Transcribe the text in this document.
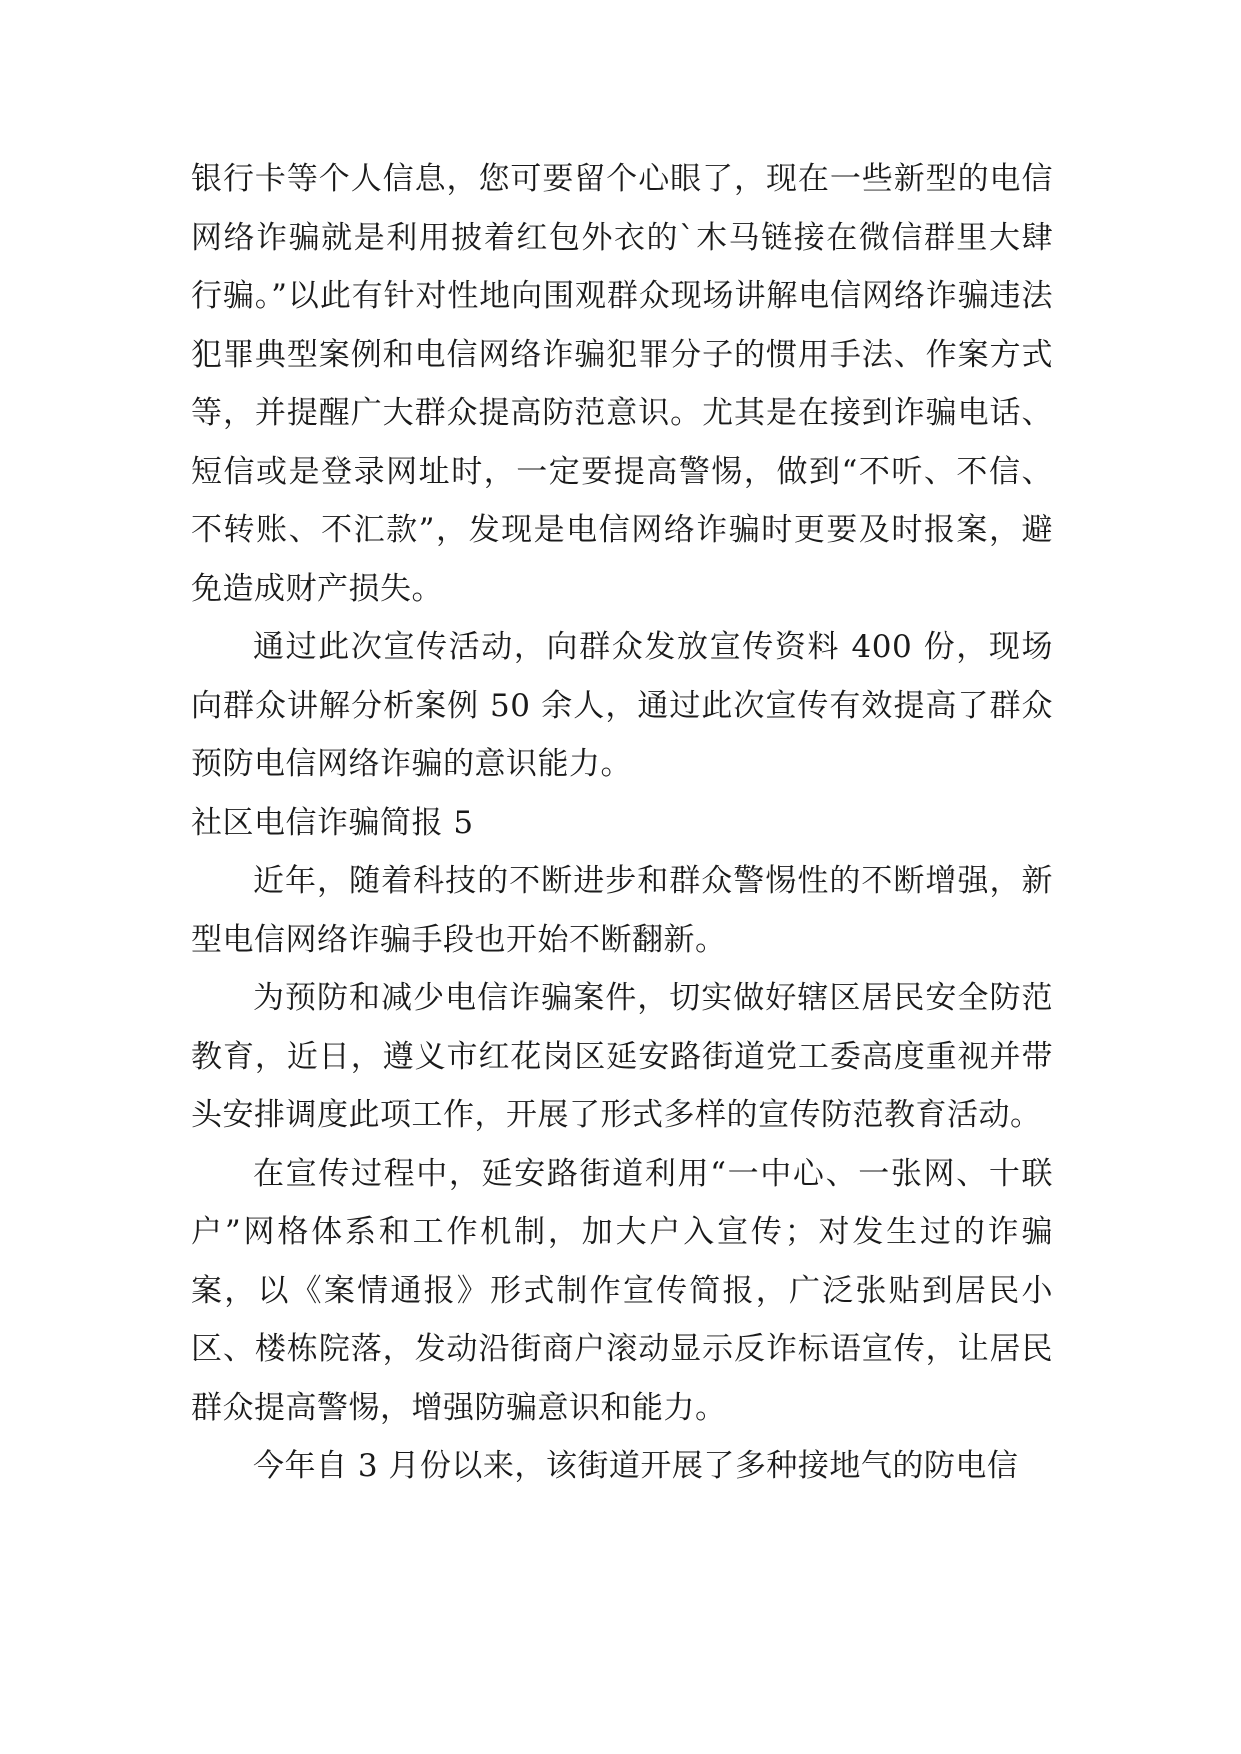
银行卡等个人信息，您可要留个心眼了，现在一些新型的电信网络诈骗就是利用披着红包外衣的`木马链接在微信群里大肆行骗。”以此有针对性地向围观群众现场讲解电信网络诈骗违法犯罪典型案例和电信网络诈骗犯罪分子的惯用手法、作案方式等，并提醒广大群众提高防范意识。尤其是在接到诈骗电话、短信或是登录网址时，一定要提高警惕，做到“不听、不信、不转账、不汇款”，发现是电信网络诈骗时更要及时报案，避免造成财产损失。

通过此次宣传活动，向群众发放宣传资料 400 份，现场向群众讲解分析案例 50 余人，通过此次宣传有效提高了群众预防电信网络诈骗的意识能力。

社区电信诈骗简报 5

近年，随着科技的不断进步和群众警惕性的不断增强，新型电信网络诈骗手段也开始不断翻新。

为预防和减少电信诈骗案件，切实做好辖区居民安全防范教育，近日，遵义市红花岗区延安路街道党工委高度重视并带头安排调度此项工作，开展了形式多样的宣传防范教育活动。

在宣传过程中，延安路街道利用“一中心、一张网、十联户”网格体系和工作机制，加大户入宣传；对发生过的诈骗案，以《案情通报》形式制作宣传简报，广泛张贴到居民小区、楼栋院落，发动沿街商户滚动显示反诈标语宣传，让居民群众提高警惕，增强防骗意识和能力。

今年自 3 月份以来，该街道开展了多种接地气的防电信
